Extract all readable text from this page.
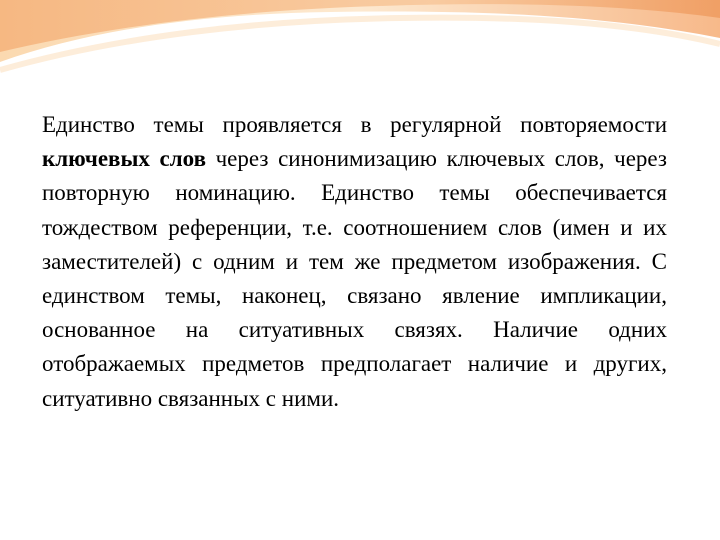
Единство темы проявляется в регулярной повторяемости ключевых слов через синонимизацию ключевых слов, через повторную номинацию. Единство темы обеспечивается тождеством референции, т.е. соотношением слов (имен и их заместителей) с одним и тем же предметом изображения. С единством темы, наконец, связано явление импликации, основанное на ситуативных связях. Наличие одних отображаемых предметов предполагает наличие и других, ситуативно связанных с ними.
